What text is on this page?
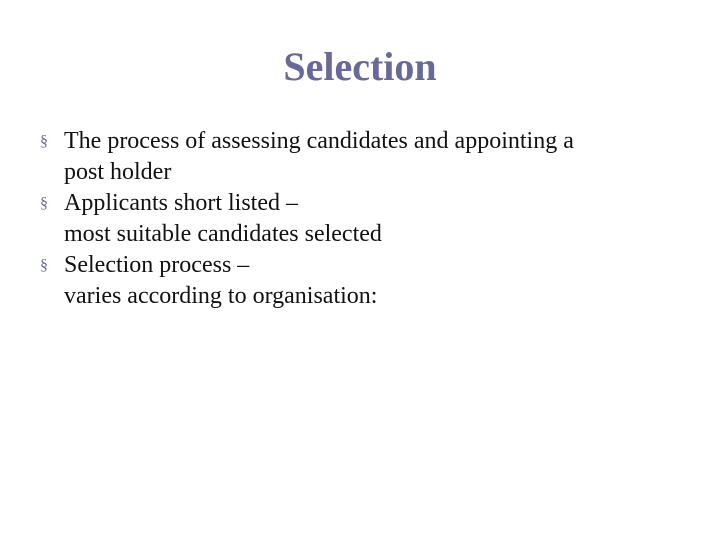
Selection
§ The process of assessing candidates and appointing a
post holder
§ Applicants short listed –
most suitable candidates selected
§ Selection process –
varies according to organisation:
